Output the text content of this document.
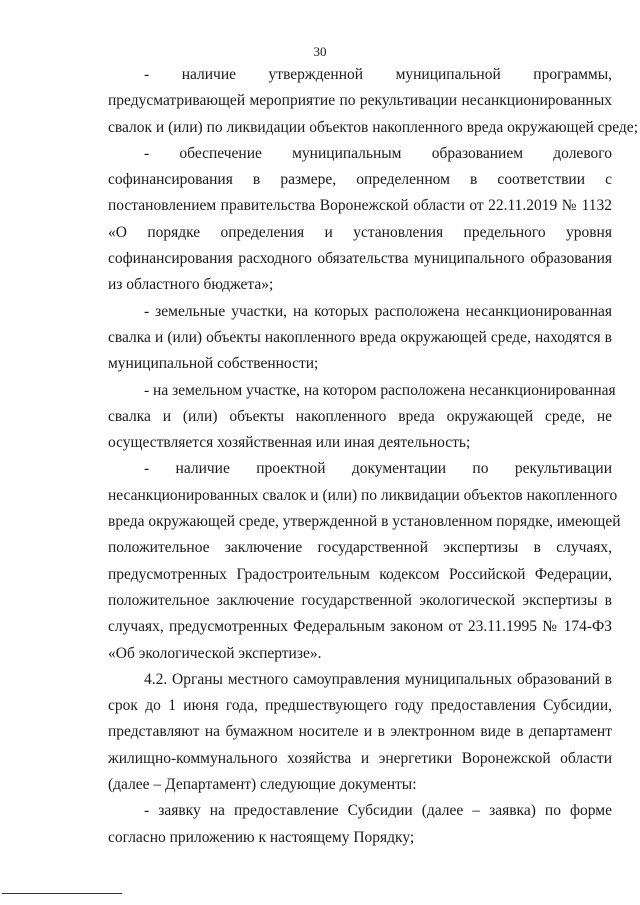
30
- наличие утвержденной муниципальной программы,
предусматривающей мероприятие по рекультивации несанкционированных
свалок и (или) по ликвидации объектов накопленного вреда окружающей среде;
- обеспечение муниципальным образованием долевого
софинансирования в размере, определенном в соответствии с
постановлением правительства Воронежской области от 22.11.2019 № 1132
«О порядке определения и установления предельного уровня
софинансирования расходного обязательства муниципального образования
из областного бюджета»;
- земельные участки, на которых расположена несанкционированная
свалка и (или) объекты накопленного вреда окружающей среде, находятся в
муниципальной собственности;
- на земельном участке, на котором расположена несанкционированная
свалка и (или) объекты накопленного вреда окружающей среде, не
осуществляется хозяйственная или иная деятельность;
- наличие проектной документации по рекультивации
несанкционированных свалок и (или) по ликвидации объектов накопленного
вреда окружающей среде, утвержденной в установленном порядке, имеющей
положительное заключение государственной экспертизы в случаях,
предусмотренных Градостроительным кодексом Российской Федерации,
положительное заключение государственной экологической экспертизы в
случаях, предусмотренных Федеральным законом от 23.11.1995 № 174-ФЗ
«Об экологической экспертизе».
4.2. Органы местного самоуправления муниципальных образований в
срок до 1 июня года, предшествующего году предоставления Субсидии,
представляют на бумажном носителе и в электронном виде в департамент
жилищно-коммунального хозяйства и энергетики Воронежской области
(далее – Департамент) следующие документы:
- заявку на предоставление Субсидии (далее – заявка) по форме
согласно приложению к настоящему Порядку;
